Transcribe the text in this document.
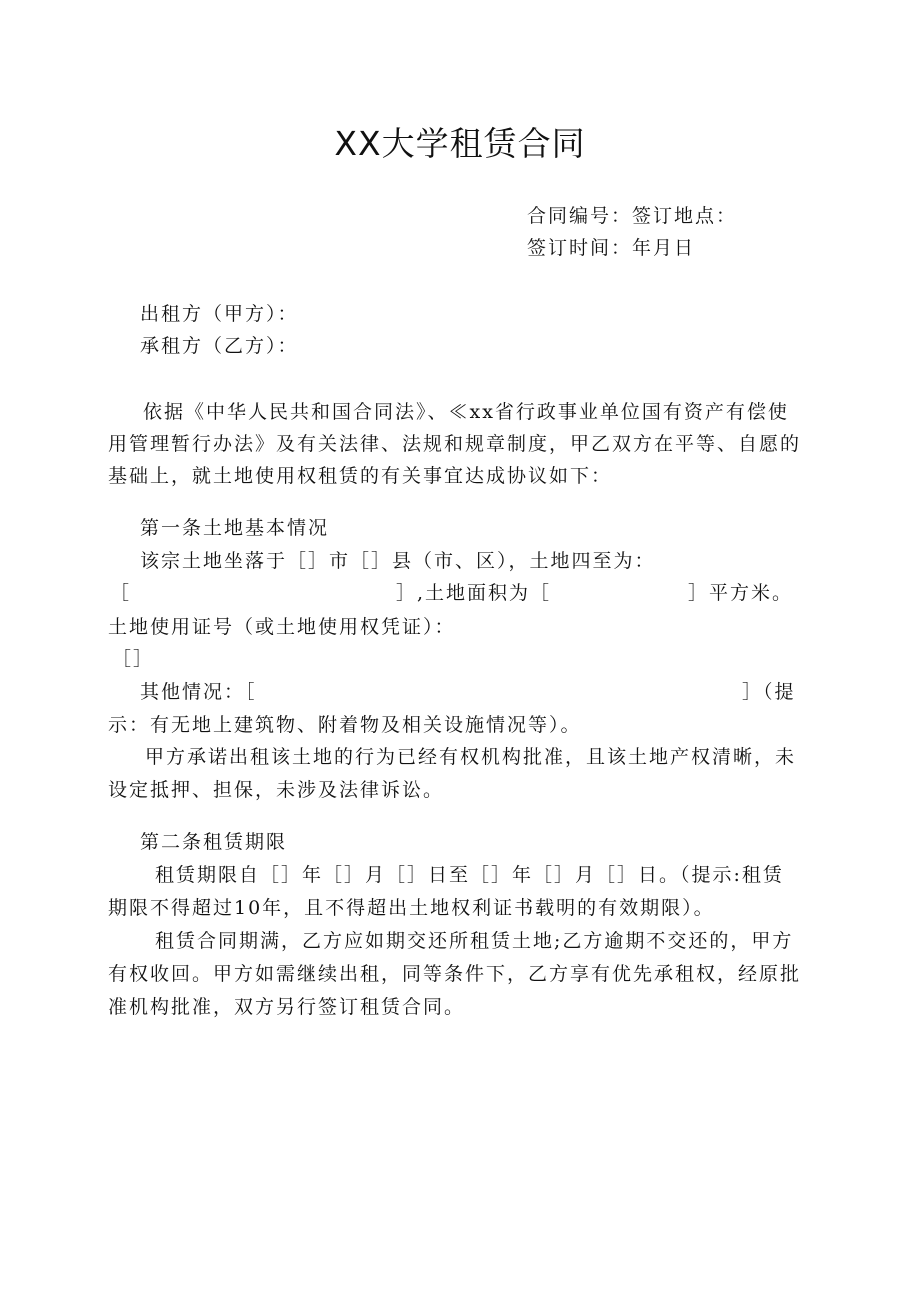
XX大学租赁合同
合同编号：签订地点：
签订时间：年月日
出租方（甲方）：
承租方（乙方）：
依据《中华人民共和国合同法》、≪xx省行政事业单位国有资产有偿使
用管理暂行办法》及有关法律、法规和规章制度，甲乙双方在平等、自愿的
基础上，就土地使用权租赁的有关事宜达成协议如下：
第一条土地基本情况
该宗土地坐落于［］市［］县（市、区），土地四至为：
［	］,土地面积为［	］平方米。
土地使用证号（或土地使用权凭证）：
［］
其他情况：［	］（提
示：有无地上建筑物、附着物及相关设施情况等）。
甲方承诺出租该土地的行为已经有权机构批准，且该土地产权清晰，未
设定抵押、担保，未涉及法律诉讼。
第二条租赁期限
租赁期限自［］年［］月［］日至［］年［］月［］日。（提示:租赁
期限不得超过10年，且不得超出土地权利证书载明的有效期限）。
租赁合同期满，乙方应如期交还所租赁土地;乙方逾期不交还的，甲方
有权收回。甲方如需继续出租，同等条件下，乙方享有优先承租权，经原批
准机构批准，双方另行签订租赁合同。
